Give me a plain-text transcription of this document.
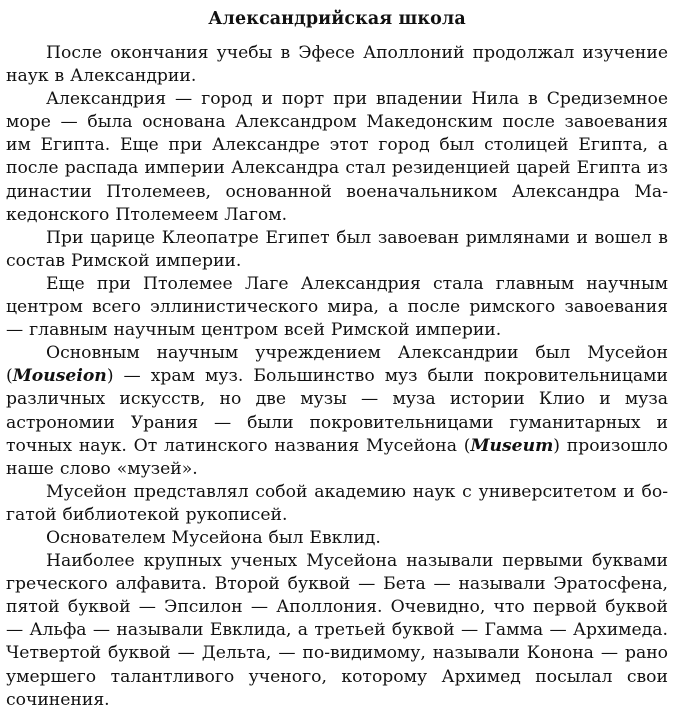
Александрийская школа

После окончания учебы в Эфесе Аполлоний продолжал изучение наук в Александрии.

Александрия — город и порт при впадении Нила в Средиземное море — была основана Александром Македонским после завоевания им Египта. Еще при Александре этот город был столицей Египта, а после распада империи Александра стал резиденцией царей Египта из династии Птолемеев, основанной военачальником Александра Македонского Птолемеем Лагом.

При царице Клеопатре Египет был завоеван римлянами и вошел в состав Римской империи.

Еще при Птолемее Лаге Александрия стала главным научным центром всего эллинистического мира, а после римского завоевания — главным научным центром всей Римской империи.

Основным научным учреждением Александрии был Мусейон (Mouseion) — храм муз. Большинство муз были покровительницами различных искусств, но две музы — муза истории Клио и муза астрономии Урания — были покровительницами гуманитарных и точных наук. От латинского названия Мусейона (Museum) произошло наше слово «музей».

Мусейон представлял собой академию наук с университетом и богатой библиотекой рукописей.

Основателем Мусейона был Евклид.

Наиболее крупных ученых Мусейона называли первыми буквами греческого алфавита. Второй буквой — Бета — называли Эратосфена, пятой буквой — Эпсилон — Аполлония. Очевидно, что первой буквой — Альфа — называли Евклида, а третьей буквой — Гамма — Архимеда. Четвертой буквой — Дельта, — по-видимому, называли Конона — рано умершего талантливого ученого, которому Архимед посылал свои сочинения.
